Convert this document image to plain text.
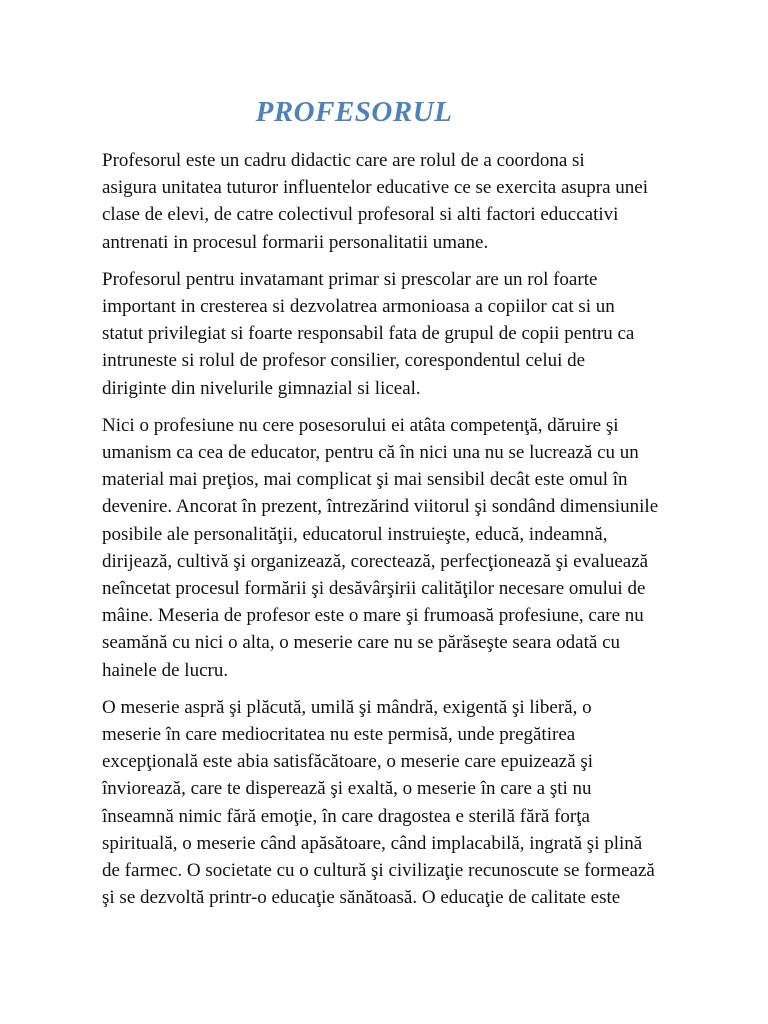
PROFESORUL

Profesorul este un cadru didactic care are rolul de a coordona si
asigura unitatea tuturor influentelor educative ce se exercita asupra unei
clase de elevi, de catre colectivul profesoral si alti factori educcativi
antrenati in procesul formarii personalitatii umane.

Profesorul pentru invatamant primar si prescolar are un rol foarte
important in cresterea si dezvolatrea armonioasa a copiilor cat si un
statut privilegiat si foarte responsabil fata de grupul de copii pentru ca
intruneste si rolul de profesor consilier, corespondentul celui de
diriginte din nivelurile gimnazial si liceal.

Nici o profesiune nu cere posesorului ei atâta competenţă, dăruire şi
umanism ca cea de educator, pentru că în nici una nu se lucrează cu un
material mai preţios, mai complicat şi mai sensibil decât este omul în
devenire. Ancorat în prezent, întrezărind viitorul şi sondând dimensiunile
posibile ale personalităţii, educatorul instruieşte, educă, indeamnă,
dirijează, cultivă şi organizează, corectează, perfecţionează şi evaluează
neîncetat procesul formării şi desăvârşirii calităţilor necesare omului de
mâine. Meseria de profesor este o mare şi frumoasă profesiune, care nu
seamănă cu nici o alta, o meserie care nu se părăseşte seara odată cu
hainele de lucru.

O meserie aspră şi plăcută, umilă şi mândră, exigentă şi liberă, o
meserie în care mediocritatea nu este permisă, unde pregătirea
excepţională este abia satisfăcătoare, o meserie care epuizează şi
înviorează, care te disperează şi exaltă, o meserie în care a şti nu
înseamnă nimic fără emoţie, în care dragostea e sterilă fără forţa
spirituală, o meserie când apăsătoare, când implacabilă, ingrată şi plină
de farmec. O societate cu o cultură şi civilizaţie recunoscute se formează
şi se dezvoltă printr-o educaţie sănătoasă. O educaţie de calitate este
